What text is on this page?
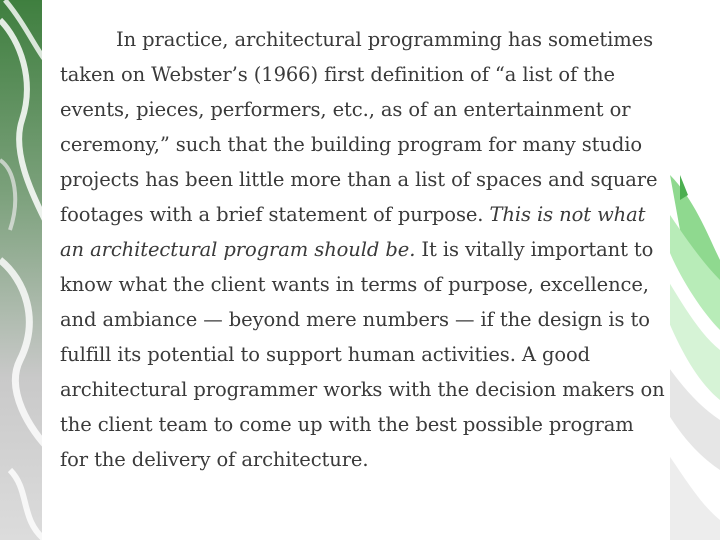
In practice, architectural programming has sometimes taken on Webster’s (1966) first definition of “a list of the events, pieces, performers, etc., as of an entertainment or ceremony,” such that the building program for many studio projects has been little more than a list of spaces and square footages with a brief statement of purpose. This is not what an architectural program should be. It is vitally important to know what the client wants in terms of purpose, excellence, and ambiance — beyond mere numbers — if the design is to fulfill its potential to support human activities. A good architectural programmer works with the decision makers on the client team to come up with the best possible program for the delivery of architecture.
